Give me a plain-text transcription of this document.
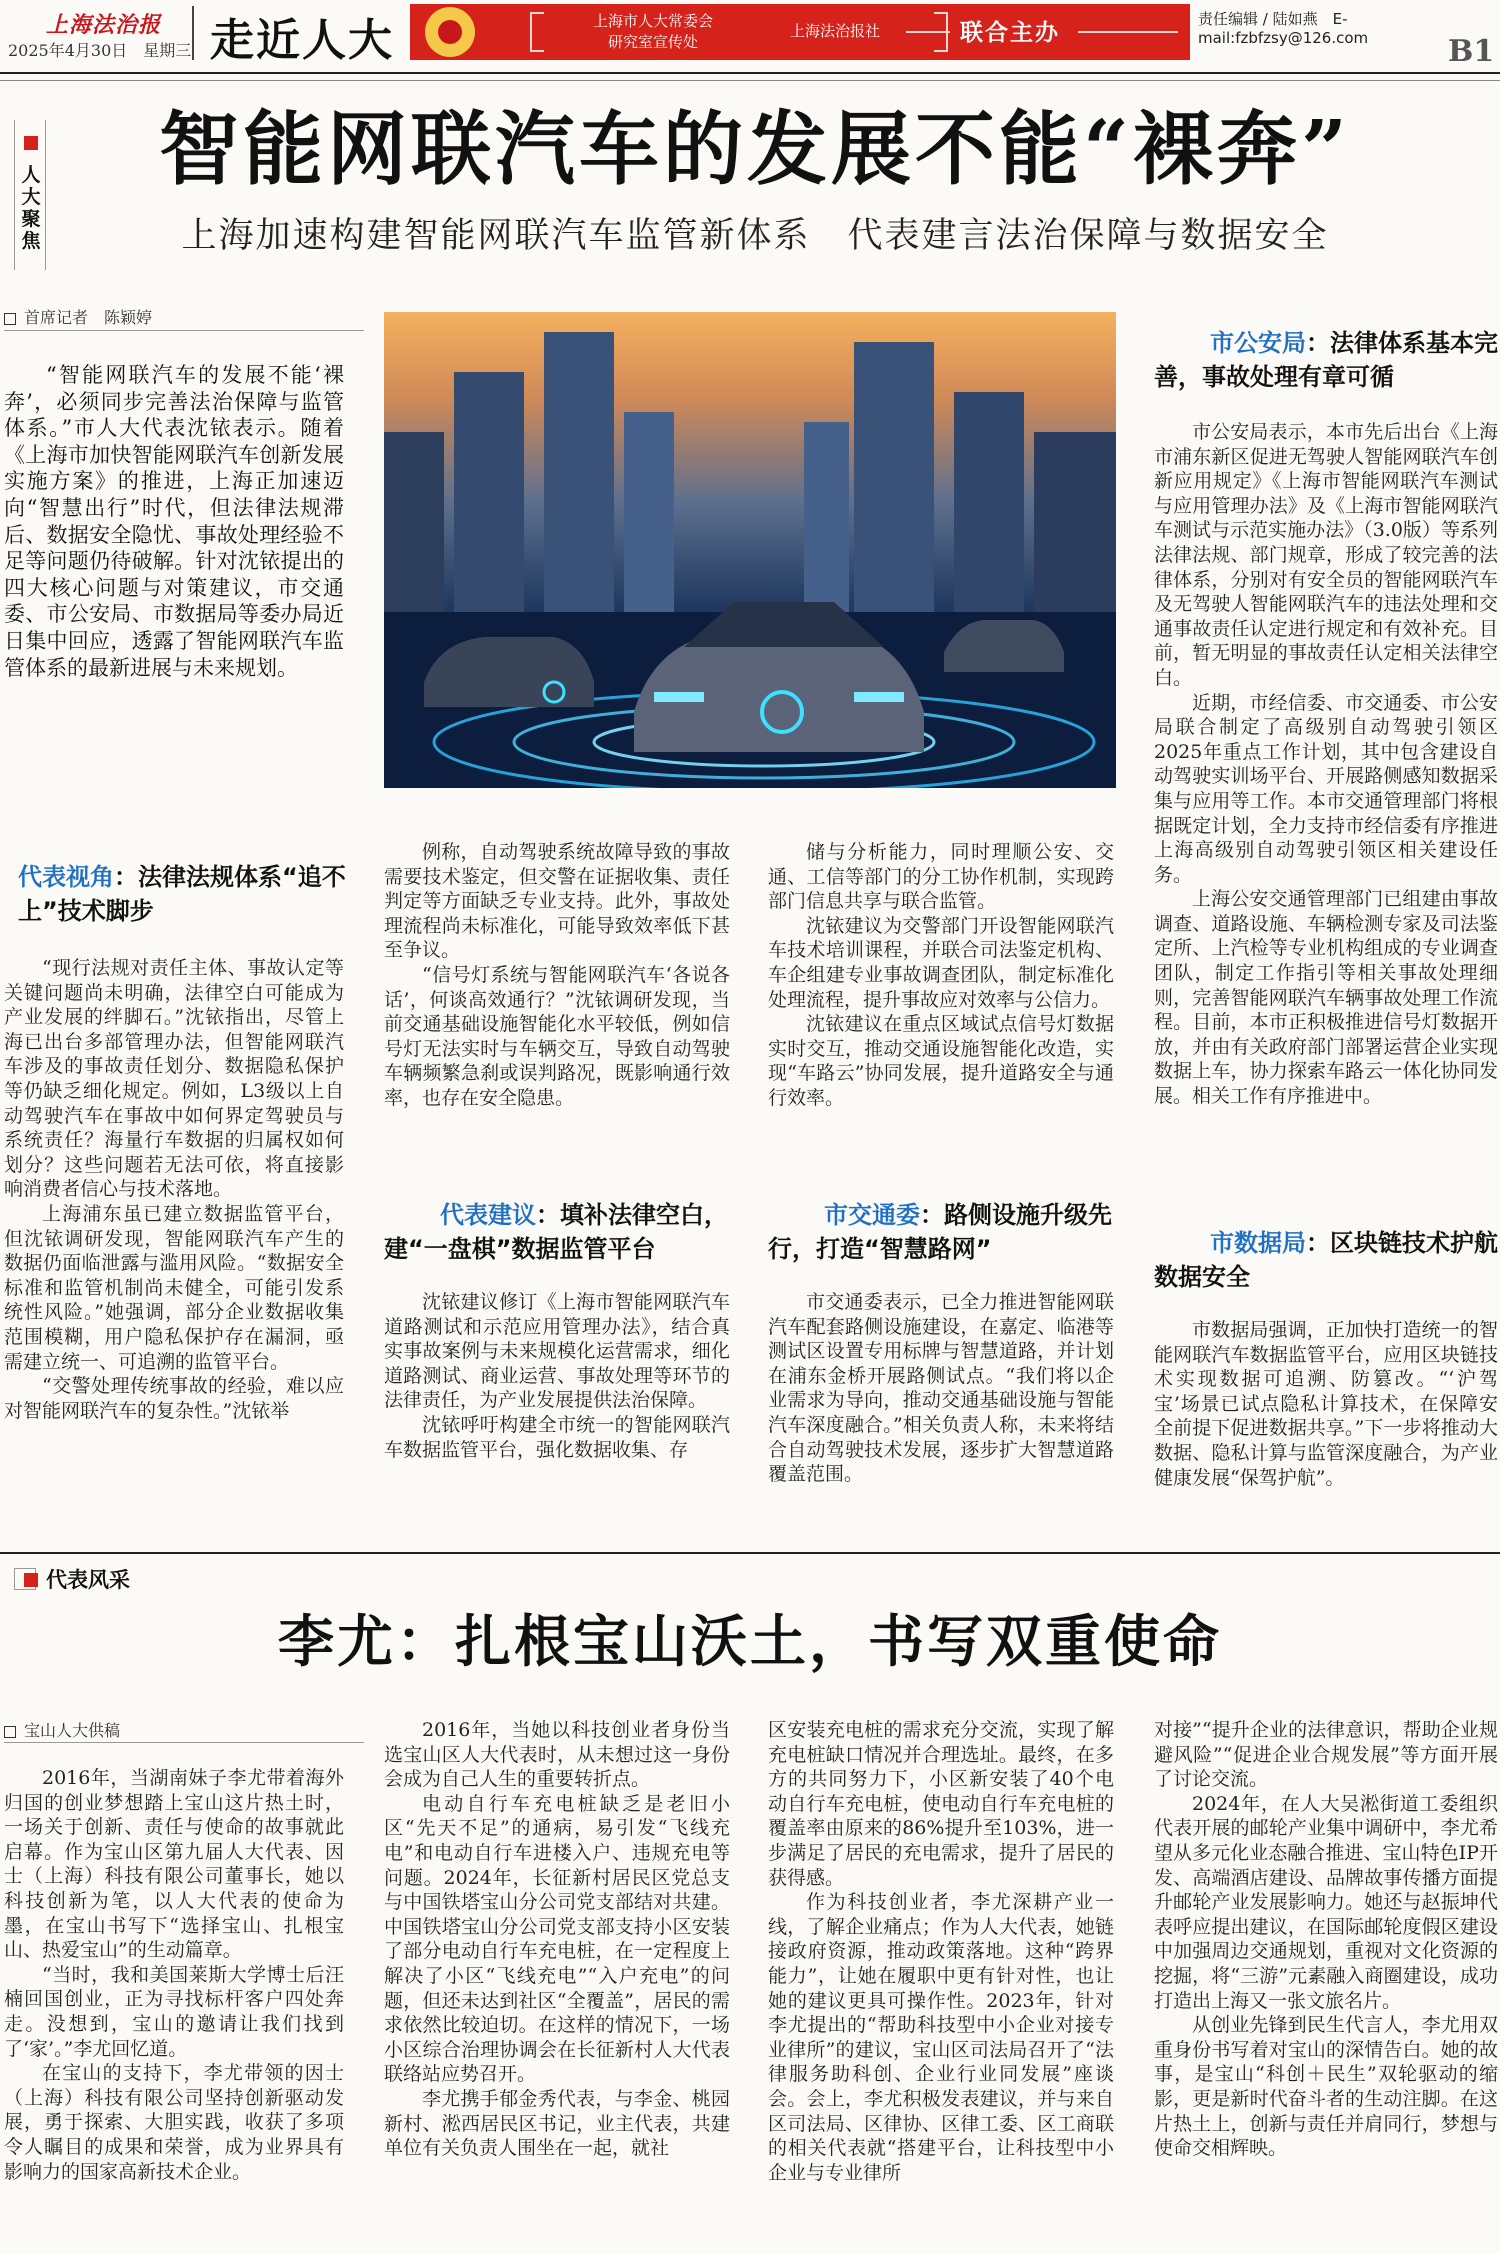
上海法治报
2025年4月30日　星期三 走近人大	上海市人大常委会
研究室宣传处
上海法治报社	联合主办
责任编辑 / 陆如燕　E-mail:fzbfzsy@126.com	B1
人大聚焦
智能网联汽车的发展不能“裸奔”
上海加速构建智能网联汽车监管新体系　代表建言法治保障与数据安全
首席记者　陈颖婷

“智能网联汽车的发展不能‘裸奔’，必须同步完善法治保障与监管体系。”市人大代表沈铱表示。随着《上海市加快智能网联汽车创新发展实施方案》的推进，上海正加速迈向“智慧出行”时代，但法律法规滞后、数据安全隐忧、事故处理经验不足等问题仍待破解。针对沈铱提出的四大核心问题与对策建议，市交通委、市公安局、市数据局等委办局近日集中回应，透露了智能网联汽车监管体系的最新进展与未来规划。

代表视角：法律法规体系“追不上”技术脚步

“现行法规对责任主体、事故认定等关键问题尚未明确，法律空白可能成为产业发展的绊脚石。”沈铱指出，尽管上海已出台多部管理办法，但智能网联汽车涉及的事故责任划分、数据隐私保护等仍缺乏细化规定。例如，L3级以上自动驾驶汽车在事故中如何界定驾驶员与系统责任？海量行车数据的归属权如何划分？这些问题若无法可依，将直接影响消费者信心与技术落地。

上海浦东虽已建立数据监管平台，但沈铱调研发现，智能网联汽车产生的数据仍面临泄露与滥用风险。“数据安全标准和监管机制尚未健全，可能引发系统性风险。”她强调，部分企业数据收集范围模糊，用户隐私保护存在漏洞，亟需建立统一、可追溯的监管平台。

“交警处理传统事故的经验，难以应对智能网联汽车的复杂性。”沈铱举

例称，自动驾驶系统故障导致的事故需要技术鉴定，但交警在证据收集、责任判定等方面缺乏专业支持。此外，事故处理流程尚未标准化，可能导致效率低下甚至争议。

“信号灯系统与智能网联汽车‘各说各话’，何谈高效通行？”沈铱调研发现，当前交通基础设施智能化水平较低，例如信号灯无法实时与车辆交互，导致自动驾驶车辆频繁急刹或误判路况，既影响通行效率，也存在安全隐患。

代表建议：填补法律空白，建“一盘棋”数据监管平台

沈铱建议修订《上海市智能网联汽车道路测试和示范应用管理办法》，结合真实事故案例与未来规模化运营需求，细化道路测试、商业运营、事故处理等环节的法律责任，为产业发展提供法治保障。

沈铱呼吁构建全市统一的智能网联汽车数据监管平台，强化数据收集、存

储与分析能力，同时理顺公安、交通、工信等部门的分工协作机制，实现跨部门信息共享与联合监管。

沈铱建议为交警部门开设智能网联汽车技术培训课程，并联合司法鉴定机构、车企组建专业事故调查团队，制定标准化处理流程，提升事故应对效率与公信力。

沈铱建议在重点区域试点信号灯数据实时交互，推动交通设施智能化改造，实现“车路云”协同发展，提升道路安全与通行效率。

市交通委：路侧设施升级先行，打造“智慧路网”

市交通委表示，已全力推进智能网联汽车配套路侧设施建设，在嘉定、临港等测试区设置专用标牌与智慧道路，并计划在浦东金桥开展路侧试点。“我们将以企业需求为导向，推动交通基础设施与智能汽车深度融合。”相关负责人称，未来将结合自动驾驶技术发展，逐步扩大智慧道路覆盖范围。

市公安局：法律体系基本完善，事故处理有章可循

市公安局表示，本市先后出台《上海市浦东新区促进无驾驶人智能网联汽车创新应用规定》《上海市智能网联汽车测试与应用管理办法》及《上海市智能网联汽车测试与示范实施办法》（3.0版）等系列法律法规、部门规章，形成了较完善的法律体系，分别对有安全员的智能网联汽车及无驾驶人智能网联汽车的违法处理和交通事故责任认定进行规定和有效补充。目前，暂无明显的事故责任认定相关法律空白。

近期，市经信委、市交通委、市公安局联合制定了高级别自动驾驶引领区2025年重点工作计划，其中包含建设自动驾驶实训场平台、开展路侧感知数据采集与应用等工作。本市交通管理部门将根据既定计划，全力支持市经信委有序推进上海高级别自动驾驶引领区相关建设任务。

上海公安交通管理部门已组建由事故调查、道路设施、车辆检测专家及司法鉴定所、上汽检等专业机构组成的专业调查团队，制定工作指引等相关事故处理细则，完善智能网联汽车辆事故处理工作流程。目前，本市正积极推进信号灯数据开放，并由有关政府部门部署运营企业实现数据上车，协力探索车路云一体化协同发展。相关工作有序推进中。

市数据局：区块链技术护航数据安全

市数据局强调，正加快打造统一的智能网联汽车数据监管平台，应用区块链技术实现数据可追溯、防篡改。“‘沪驾宝’场景已试点隐私计算技术，在保障安全前提下促进数据共享。”下一步将推动大数据、隐私计算与监管深度融合，为产业健康发展“保驾护航”。

代表风采
李尤：扎根宝山沃土，书写双重使命
宝山人大供稿

2016年，当湖南妹子李尤带着海外归国的创业梦想踏上宝山这片热土时，一场关于创新、责任与使命的故事就此启幕。作为宝山区第九届人大代表、因士（上海）科技有限公司董事长，她以科技创新为笔，以人大代表的使命为墨，在宝山书写下“选择宝山、扎根宝山、热爱宝山”的生动篇章。

“当时，我和美国莱斯大学博士后汪楠回国创业，正为寻找标杆客户四处奔走。没想到，宝山的邀请让我们找到了‘家’。”李尤回忆道。

在宝山的支持下，李尤带领的因士（上海）科技有限公司坚持创新驱动发展，勇于探索、大胆实践，收获了多项令人瞩目的成果和荣誉，成为业界具有影响力的国家高新技术企业。

2016年，当她以科技创业者身份当选宝山区人大代表时，从未想过这一身份会成为自己人生的重要转折点。

电动自行车充电桩缺乏是老旧小区“先天不足”的通病，易引发“飞线充电”和电动自行车进楼入户、违规充电等问题。2024年，长征新村居民区党总支与中国铁塔宝山分公司党支部结对共建。中国铁塔宝山分公司党支部支持小区安装了部分电动自行车充电桩，在一定程度上解决了小区“飞线充电”“入户充电”的问题，但还未达到社区“全覆盖”，居民的需求依然比较迫切。在这样的情况下，一场小区综合治理协调会在长征新村人大代表联络站应势召开。

李尤携手郁金秀代表，与李金、桃园新村、淞西居民区书记，业主代表，共建单位有关负责人围坐在一起，就社

区安装充电桩的需求充分交流，实现了解充电桩缺口情况并合理选址。最终，在多方的共同努力下，小区新安装了40个电动自行车充电桩，使电动自行车充电桩的覆盖率由原来的86%提升至103%，进一步满足了居民的充电需求，提升了居民的获得感。

作为科技创业者，李尤深耕产业一线，了解企业痛点；作为人大代表，她链接政府资源，推动政策落地。这种“跨界能力”，让她在履职中更有针对性，也让她的建议更具可操作性。2023年，针对李尤提出的“帮助科技型中小企业对接专业律所”的建议，宝山区司法局召开了“法律服务助科创、企业行业同发展”座谈会。会上，李尤积极发表建议，并与来自区司法局、区律协、区律工委、区工商联的相关代表就“搭建平台，让科技型中小企业与专业律所

对接”“提升企业的法律意识，帮助企业规避风险”“促进企业合规发展”等方面开展了讨论交流。

2024年，在人大吴淞街道工委组织代表开展的邮轮产业集中调研中，李尤希望从多元化业态融合推进、宝山特色IP开发、高端酒店建设、品牌故事传播方面提升邮轮产业发展影响力。她还与赵振坤代表呼应提出建议，在国际邮轮度假区建设中加强周边交通规划，重视对文化资源的挖掘，将“三游”元素融入商圈建设，成功打造出上海又一张文旅名片。

从创业先锋到民生代言人，李尤用双重身份书写着对宝山的深情告白。她的故事，是宝山“科创＋民生”双轮驱动的缩影，更是新时代奋斗者的生动注脚。在这片热土上，创新与责任并肩同行，梦想与使命交相辉映。
